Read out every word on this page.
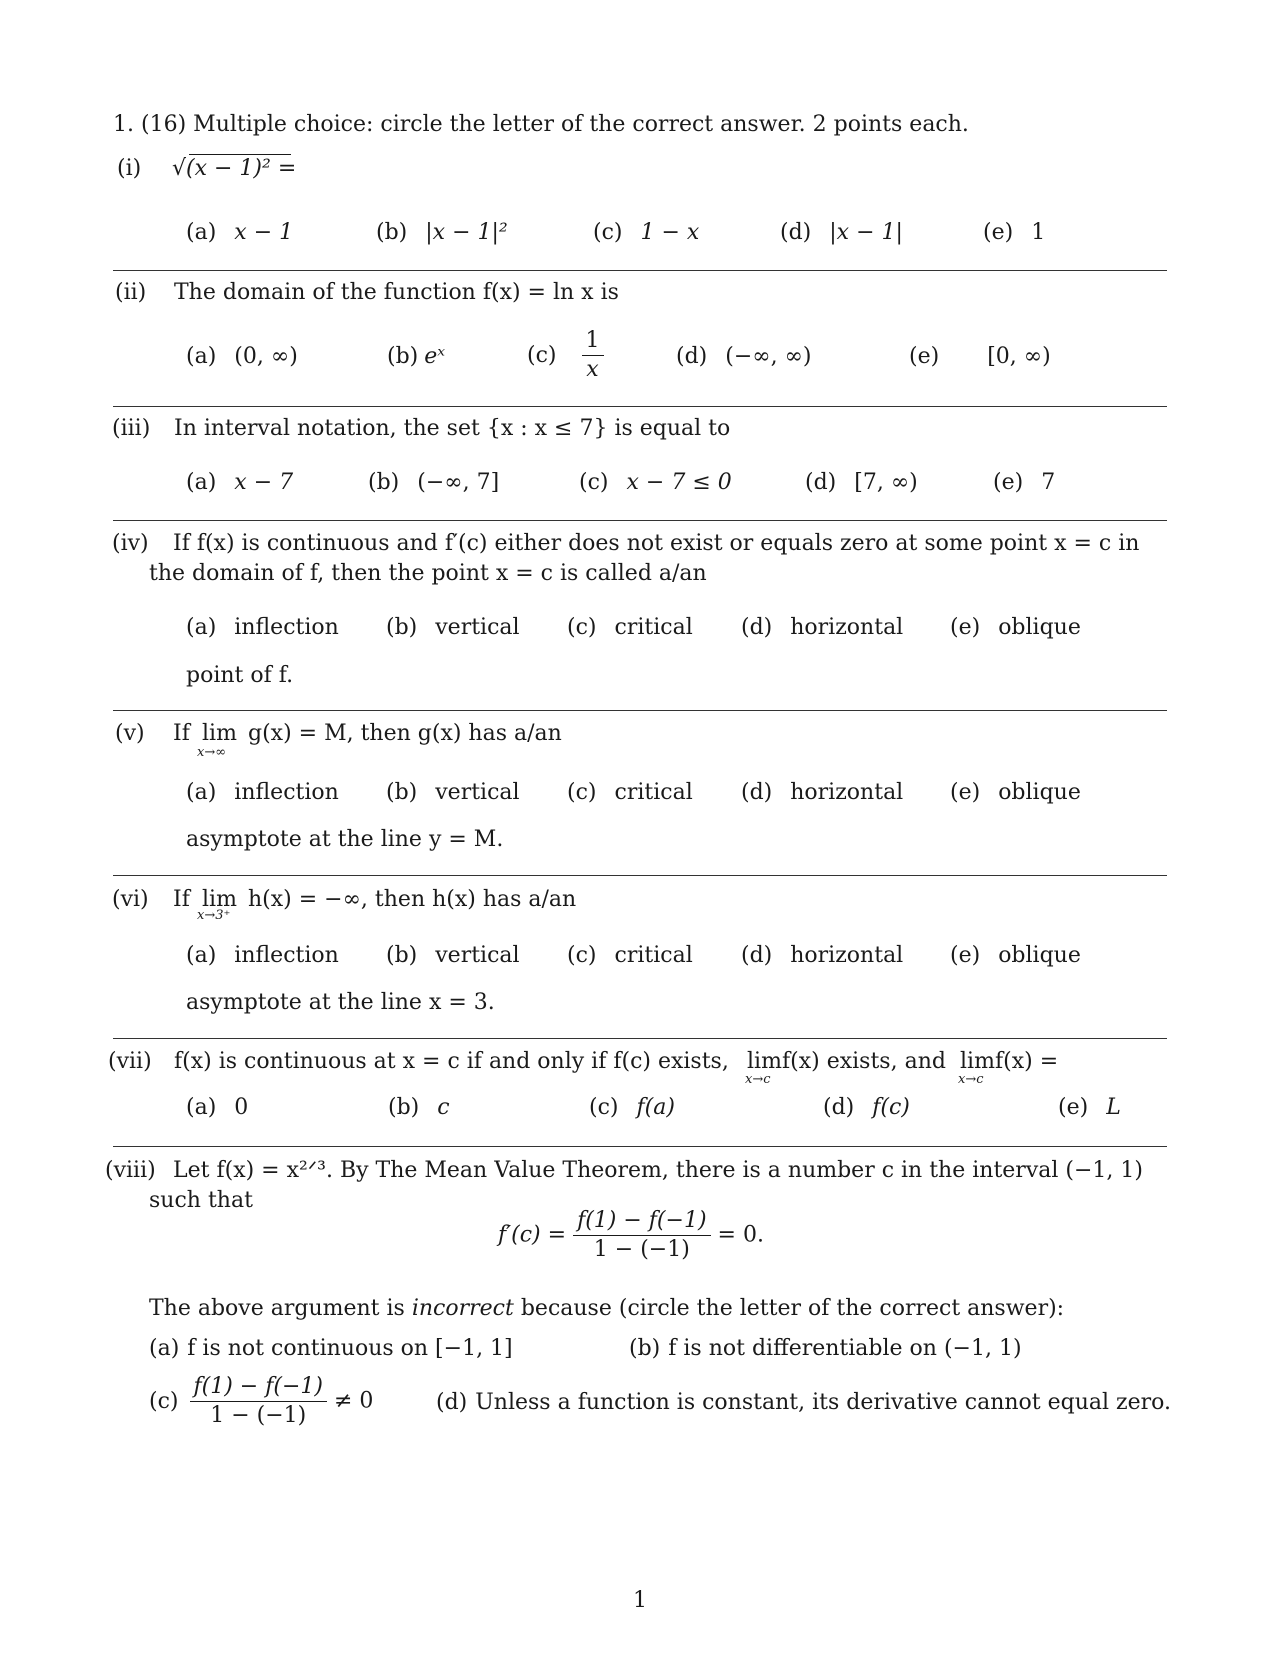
1. (16) Multiple choice: circle the letter of the correct answer. 2 points each.
(i) √(x − 1)² =
(a) x − 1	(b) |x − 1|²	(c) 1 − x	(d) |x − 1|	(e) 1
(ii) The domain of the function f(x) = ln x is
(a) (0, ∞)	(b) eˣ	$(c) \frac{1}{x}$	(d) (−∞, ∞)	(e) [0, ∞)
(iii) In interval notation, the set {x : x ≤ 7} is equal to
(a) x − 7	(b) (−∞, 7]	(c) x − 7 ≤ 0	(d) [7, ∞)	(e) 7
(iv) If f(x) is continuous and f′(c) either does not exist or equals zero at some point x = c in
the domain of f, then the point x = c is called a/an
(a) inflection (b) vertical (c) critical (d) horizontal (e) oblique
point of f.
(v) If lim
x→∞
g(x) = M, then g(x) has a/an
(a) inflection (b) vertical (c) critical (d) horizontal (e) oblique
asymptote at the line y = M.
(vi) If lim
x→3⁺
h(x) = −∞, then h(x) has a/an
(a) inflection (b) vertical (c) critical (d) horizontal (e) oblique
asymptote at the line x = 3.
(vii) f(x) is continuous at x = c if and only if f(c) exists, lim
x→c
f(x) exists, and lim
x→c
f(x) =
(a) 0	(b) c	(c) f(a)	(d) f(c)	(e) L
(viii) Let f(x) = x²ᐟ³. By The Mean Value Theorem, there is a number c in the interval (−1, 1)
such that
$f'(c) = \frac{f(1) - f(-1)}{1 - (-1)} = 0$.
The above argument is incorrect because (circle the letter of the correct answer):
(a) f is not continuous on [−1, 1]	(b) f is not differentiable on (−1, 1)
$(c) \frac{f(1) - f(-1)}{1 - (-1)} \ne 0$	(d) Unless a function is constant, its derivative cannot equal zero.
1
